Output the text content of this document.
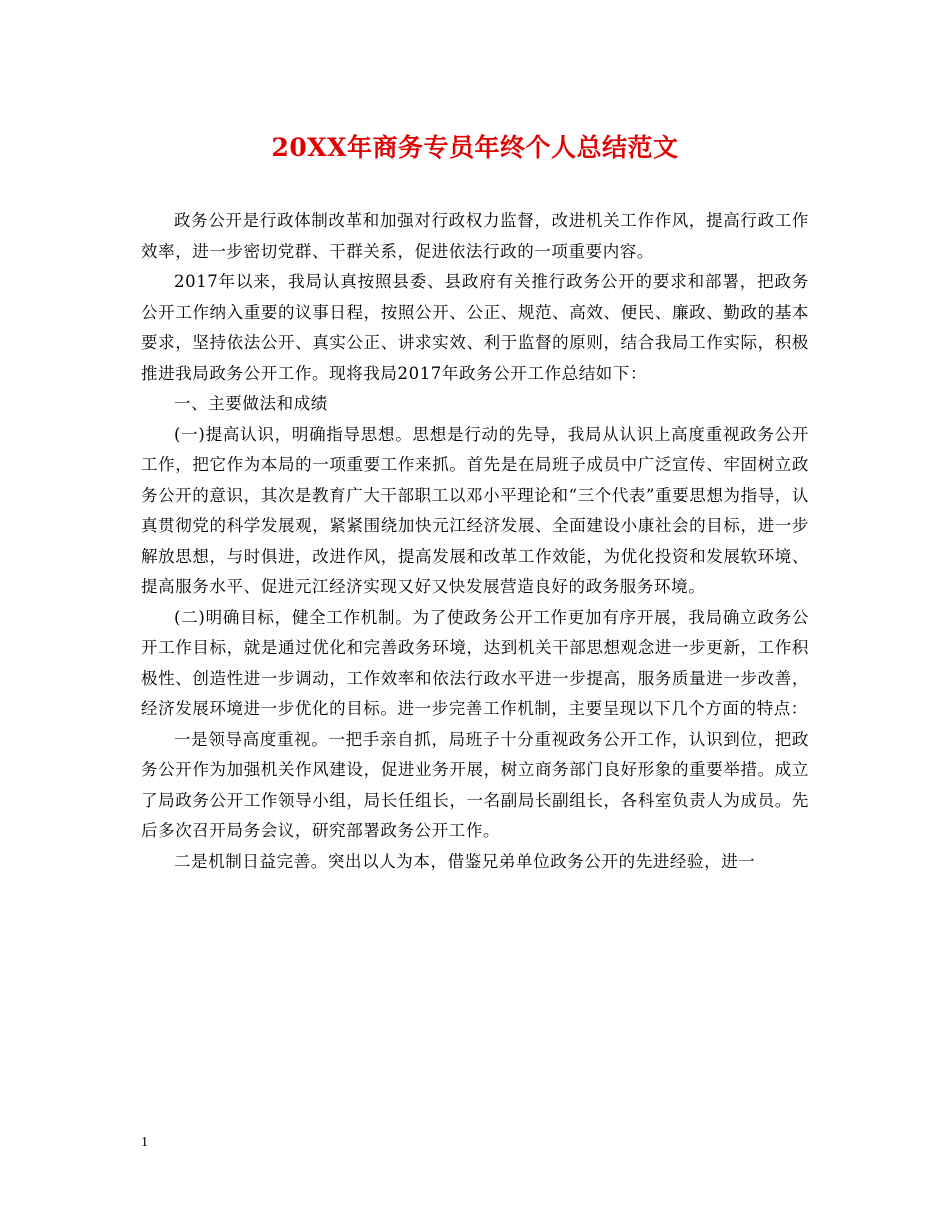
20XX年商务专员年终个人总结范文

政务公开是行政体制改革和加强对行政权力监督，改进机关工作作风，提高行政工作效率，进一步密切党群、干群关系，促进依法行政的一项重要内容。

2017年以来，我局认真按照县委、县政府有关推行政务公开的要求和部署，把政务公开工作纳入重要的议事日程，按照公开、公正、规范、高效、便民、廉政、勤政的基本要求，坚持依法公开、真实公正、讲求实效、利于监督的原则，结合我局工作实际，积极推进我局政务公开工作。现将我局2017年政务公开工作总结如下：

一、主要做法和成绩

(一)提高认识，明确指导思想。思想是行动的先导，我局从认识上高度重视政务公开工作，把它作为本局的一项重要工作来抓。首先是在局班子成员中广泛宣传、牢固树立政务公开的意识，其次是教育广大干部职工以邓小平理论和“三个代表”重要思想为指导，认真贯彻党的科学发展观，紧紧围绕加快元江经济发展、全面建设小康社会的目标，进一步解放思想，与时俱进，改进作风，提高发展和改革工作效能，为优化投资和发展软环境、提高服务水平、促进元江经济实现又好又快发展营造良好的政务服务环境。

(二)明确目标，健全工作机制。为了使政务公开工作更加有序开展，我局确立政务公开工作目标，就是通过优化和完善政务环境，达到机关干部思想观念进一步更新，工作积极性、创造性进一步调动，工作效率和依法行政水平进一步提高，服务质量进一步改善，经济发展环境进一步优化的目标。进一步完善工作机制，主要呈现以下几个方面的特点：

一是领导高度重视。一把手亲自抓，局班子十分重视政务公开工作，认识到位，把政务公开作为加强机关作风建设，促进业务开展，树立商务部门良好形象的重要举措。成立了局政务公开工作领导小组，局长任组长，一名副局长副组长，各科室负责人为成员。先后多次召开局务会议，研究部署政务公开工作。

二是机制日益完善。突出以人为本，借鉴兄弟单位政务公开的先进经验，进一

1
